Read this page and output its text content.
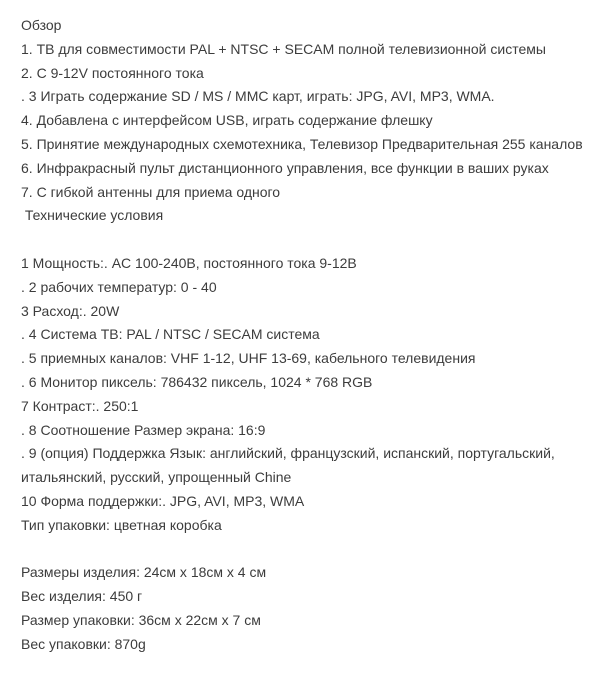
Обзор

1. ТВ для совместимости PAL + NTSC + SECAM полной телевизионной системы

2. С 9-12V постоянного тока

. 3 Играть содержание SD / MS / MMC карт, играть: JPG, AVI, MP3, WMA.

4. Добавлена с интерфейсом USB, играть содержание флешку

5. Принятие международных схемотехника, Телевизор Предварительная 255 каналов

6. Инфракрасный пульт дистанционного управления, все функции в ваших руках

7. С гибкой антенны для приема одного

Технические условия

1 Мощность:. AC 100-240В, постоянного тока 9-12В

. 2 рабочих температур: 0 - 40

3 Расход:. 20W

. 4 Система ТВ: PAL / NTSC / SECAM система

. 5 приемных каналов: VHF 1-12, UHF 13-69, кабельного телевидения

. 6 Монитор пиксель: 786432 пиксель, 1024 * 768 RGB

7 Контраст:. 250:1

. 8 Соотношение Размер экрана: 16:9

. 9 (опция) Поддержка Язык: английский, французский, испанский, португальский,

итальянский, русский, упрощенный Chine

10 Форма поддержки:. JPG, AVI, MP3, WMA

Тип упаковки: цветная коробка

Размеры изделия: 24см x 18см x 4 см

Вес изделия: 450 г

Размер упаковки: 36см x 22см x 7 см

Вес упаковки: 870g
